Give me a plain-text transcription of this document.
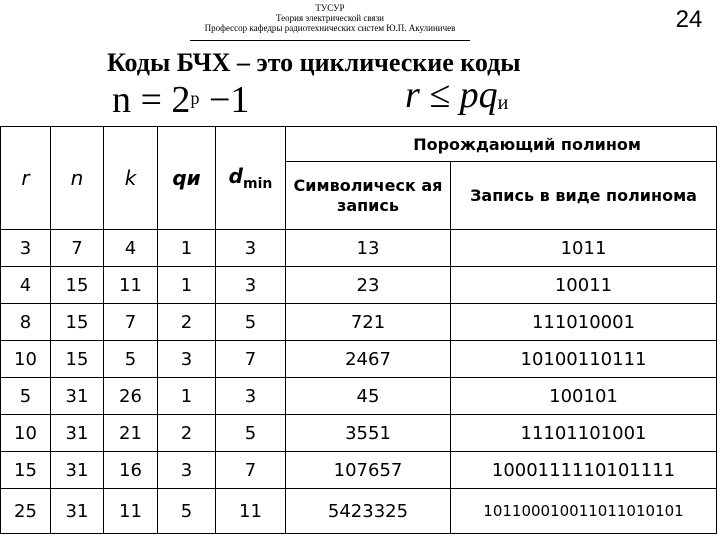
ТУСУР
Теория электрической связи
Профессор кафедры радиотехнических систем Ю.П. Акулиничев	24
Коды БЧХ – это циклические коды
$n = 2^p -1$	$r \le pq_и$
r	n	k	qи	$d_{min}$	Порождающий полином	
					Символическ ая запись	Запись в виде полинома
3	7	4	1	3	13	1011
4	15	11	1	3	23	10011
8	15	7	2	5	721	111010001
10	15	5	3	7	2467	10100110111
5	31	26	1	3	45	100101
10	31	21	2	5	3551	11101101001
15	31	16	3	7	107657	1000111110101111
25	31	11	5	11	5423325	101100010011011010101
